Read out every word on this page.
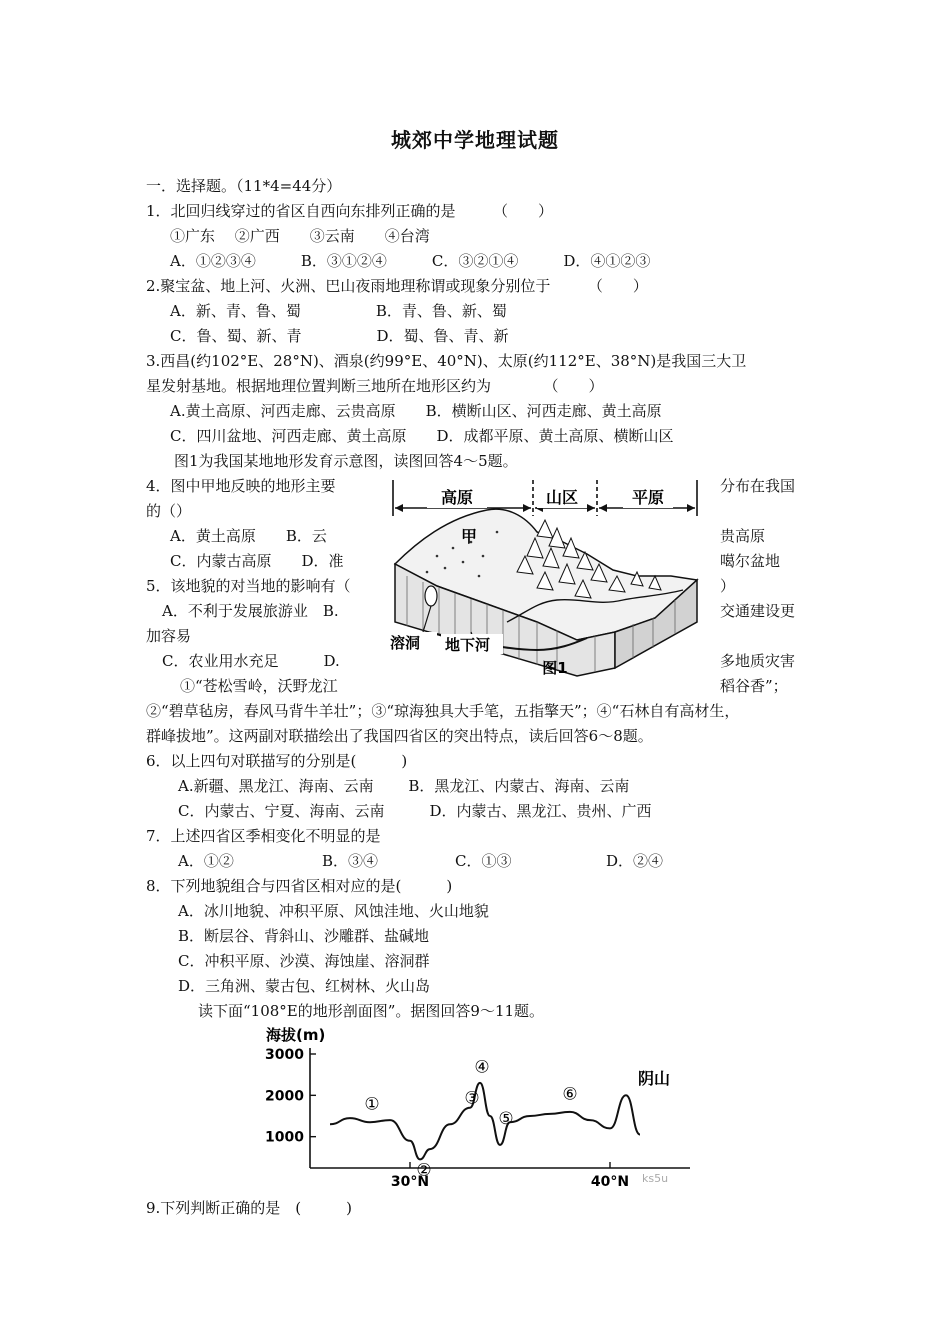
城郊中学地理试题
一．选择题。（11*4=44分）
1．北回归线穿过的省区自西向东排列正确的是　　　（　　）
①广东　 ②广西　　③云南　　④台湾
A．①②③④　　　B．③①②④　　　C．③②①④　　　D．④①②③
2.聚宝盆、地上河、火洲、巴山夜雨地理称谓或现象分别位于　　　（　　）
A．新、青、鲁、蜀　　　　　B．青、鲁、新、蜀
C．鲁、蜀、新、青　　　　　D．蜀、鲁、青、新
3.西昌(约102°E、28°N)、酒泉(约99°E、40°N)、太原(约112°E、38°N)是我国三大卫
星发射基地。根据地理位置判断三地所在地形区约为　　　　（　　）
A.黄土高原、河西走廊、云贵高原　　B．横断山区、河西走廊、黄土高原
C．四川盆地、河西走廊、黄土高原　　D．成都平原、黄土高原、横断山区
图1为我国某地地形发育示意图，读图回答4～5题。
4．图中甲地反映的地形主要	分布在我国
的（）
A．黄土高原　　B．云	贵高原
C．内蒙古高原　　D．准	噶尔盆地
5．该地貌的对当地的影响有（	）
A．不利于发展旅游业　B.	交通建设更
加容易
C．农业用水充足　　　D.	多地质灾害
①“苍松雪岭，沃野龙江	稻谷香”；
②“碧草毡房，春风马背牛羊壮”；③“琼海独具大手笔，五指擎天”；④“石林自有高材生，
群峰拔地”。这两副对联描绘出了我国四省区的突出特点，读后回答6～8题。
6．以上四句对联描写的分别是(　　　)
A.新疆、黑龙江、海南、云南　　 B．黑龙江、内蒙古、海南、云南
C．内蒙古、宁夏、海南、云南　　　D．内蒙古、黑龙江、贵州、广西
7．上述四省区季相变化不明显的是
A．①②	B．③④	C．①③	D．②④
8．下列地貌组合与四省区相对应的是(　　　)
A．冰川地貌、冲积平原、风蚀洼地、火山地貌
B．断层谷、背斜山、沙雕群、盐碱地
C．冲积平原、沙漠、海蚀崖、溶洞群
D．三角洲、蒙古包、红树林、火山岛
读下面“108°E的地形剖面图”。据图回答9～11题。
9.下列判断正确的是　(　　　)
高原	山区	平原
甲
溶洞 地下河
图1
海拔(m)
3000
2000
1000
30°N	40°N
①
②
③
④
⑤
⑥
阴山
ks5u
